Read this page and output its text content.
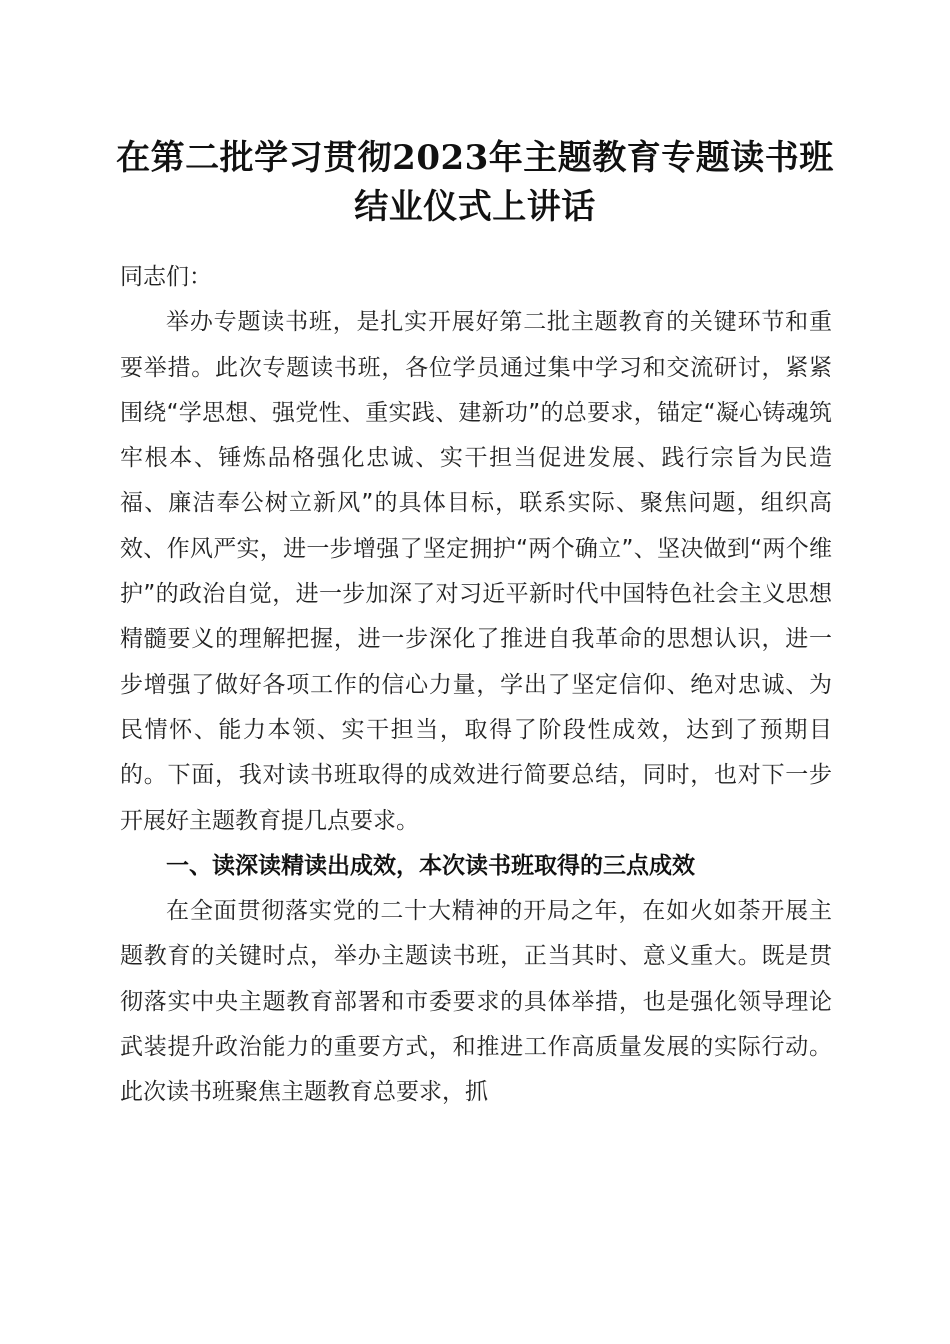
在第二批学习贯彻2023年主题教育专题读书班结业仪式上讲话

同志们：

举办专题读书班，是扎实开展好第二批主题教育的关键环节和重要举措。此次专题读书班，各位学员通过集中学习和交流研讨，紧紧围绕“学思想、强党性、重实践、建新功”的总要求，锚定“凝心铸魂筑牢根本、锤炼品格强化忠诚、实干担当促进发展、践行宗旨为民造福、廉洁奉公树立新风”的具体目标，联系实际、聚焦问题，组织高效、作风严实，进一步增强了坚定拥护“两个确立”、坚决做到“两个维护”的政治自觉，进一步加深了对习近平新时代中国特色社会主义思想精髓要义的理解把握，进一步深化了推进自我革命的思想认识，进一步增强了做好各项工作的信心力量，学出了坚定信仰、绝对忠诚、为民情怀、能力本领、实干担当，取得了阶段性成效，达到了预期目的。下面，我对读书班取得的成效进行简要总结，同时，也对下一步开展好主题教育提几点要求。

一、读深读精读出成效，本次读书班取得的三点成效

在全面贯彻落实党的二十大精神的开局之年，在如火如荼开展主题教育的关键时点，举办主题读书班，正当其时、意义重大。既是贯彻落实中央主题教育部署和市委要求的具体举措，也是强化领导理论武装提升政治能力的重要方式，和推进工作高质量发展的实际行动。此次读书班聚焦主题教育总要求，抓
